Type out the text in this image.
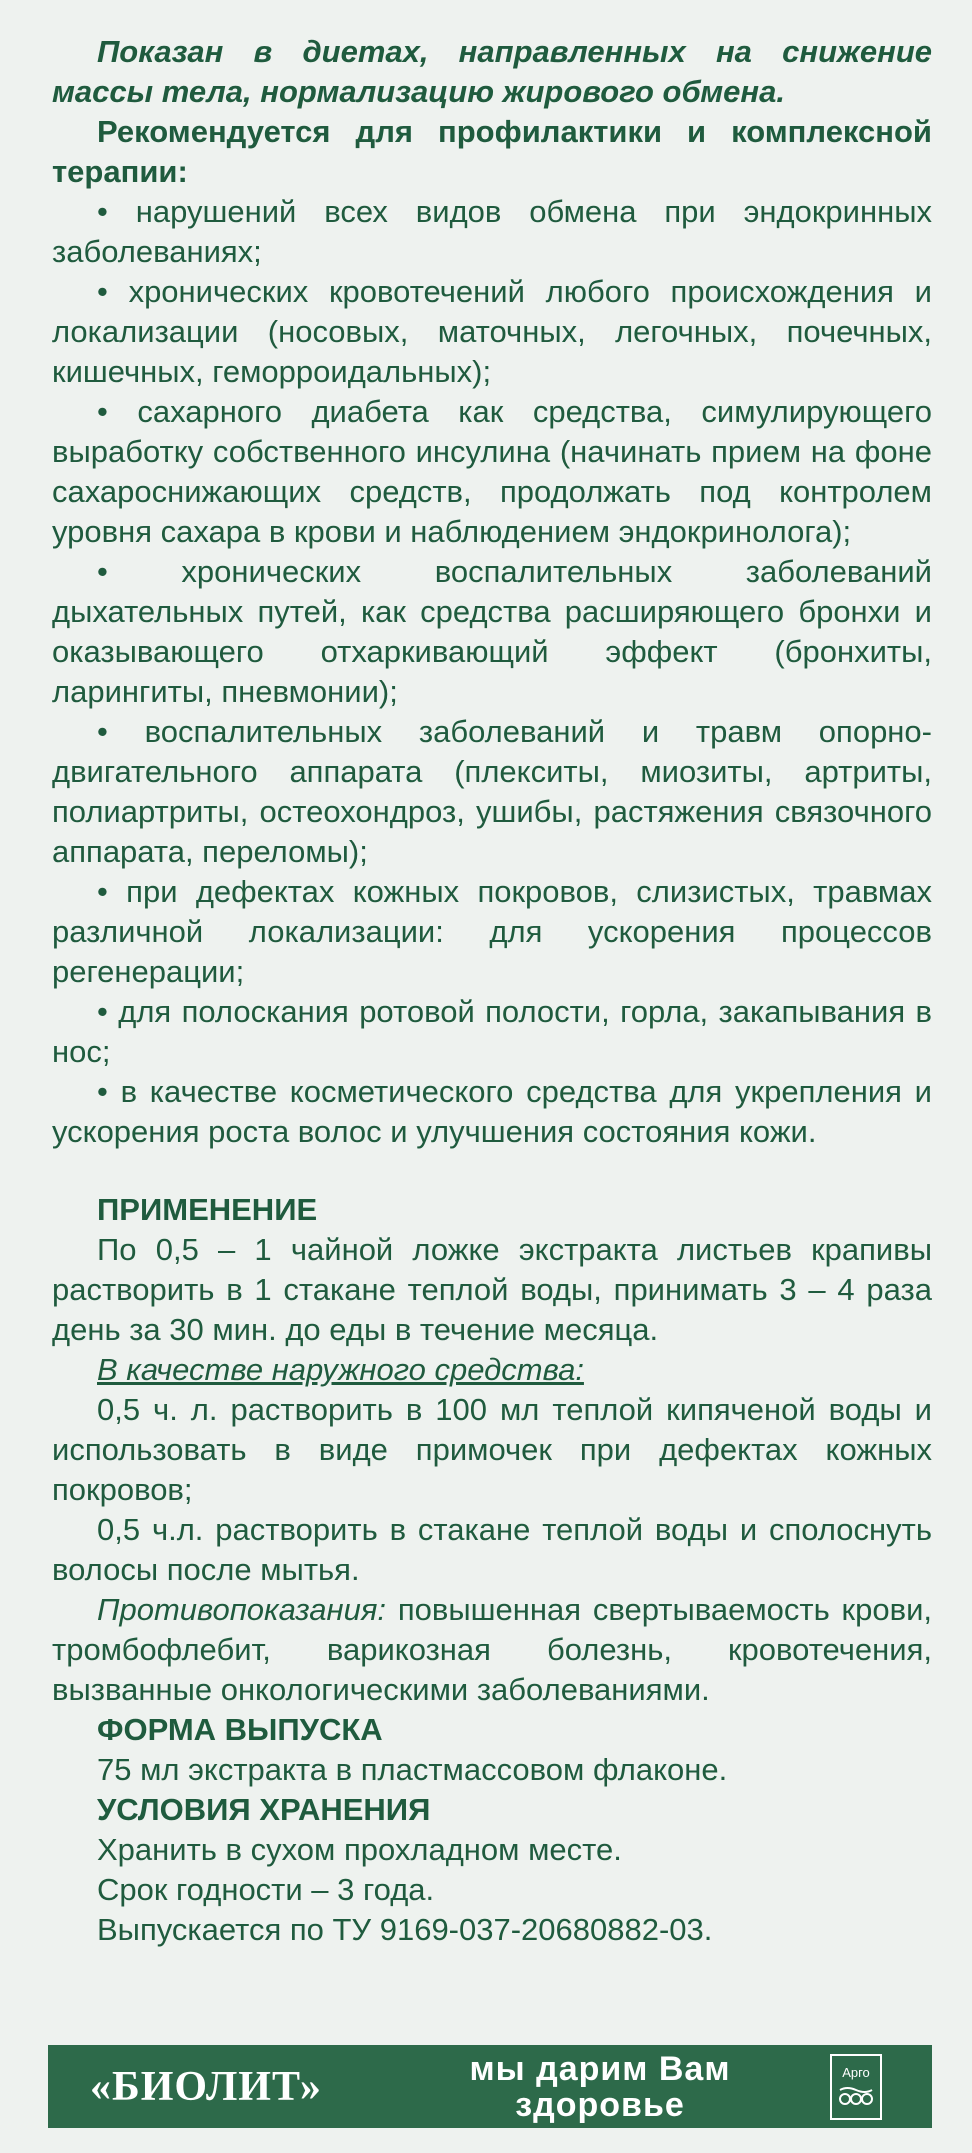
Показан в диетах, направленных на снижение массы тела, нормализацию жирового обмена.

Рекомендуется для профилактики и комплексной терапии:

• нарушений всех видов обмена при эндокринных заболеваниях;

• хронических кровотечений любого происхождения и локализации (носовых, маточных, легочных, почечных, кишечных, геморроидальных);

• сахарного диабета как средства, симулирующего выработку собственного инсулина (начинать прием на фоне сахароснижающих средств, продолжать под контролем уровня сахара в крови и наблюдением эндокринолога);

• хронических воспалительных заболеваний дыхательных путей, как средства расширяющего бронхи и оказывающего отхаркивающий эффект (бронхиты, ларингиты, пневмонии);

• воспалительных заболеваний и травм опорно-двигательного аппарата (плекситы, миозиты, артриты, полиартриты, остеохондроз, ушибы, растяжения связочного аппарата, переломы);

• при дефектах кожных покровов, слизистых, травмах различной локализации: для ускорения процессов регенерации;

• для полоскания ротовой полости, горла, закапывания в нос;

• в качестве косметического средства для укрепления и ускорения роста волос и улучшения состояния кожи.

ПРИМЕНЕНИЕ

По 0,5 – 1 чайной ложке экстракта листьев крапивы растворить в 1 стакане теплой воды, принимать 3 – 4 раза день за 30 мин. до еды в течение месяца.

В качестве наружного средства:

0,5 ч. л. растворить в 100 мл теплой кипяченой воды и использовать в виде примочек при дефектах кожных покровов;

0,5 ч.л. растворить в стакане теплой воды и сполоснуть волосы после мытья.

Противопоказания: повышенная свертываемость крови, тромбофлебит, варикозная болезнь, кровотечения, вызванные онкологическими заболеваниями.

ФОРМА ВЫПУСКА

75 мл экстракта в пластмассовом флаконе.

УСЛОВИЯ ХРАНЕНИЯ

Хранить в сухом прохладном месте.

Срок годности – 3 года.

Выпускается по ТУ 9169-037-20680882-03.

«БИОЛИТ»	мы дарим Вам
здоровье
Арго
